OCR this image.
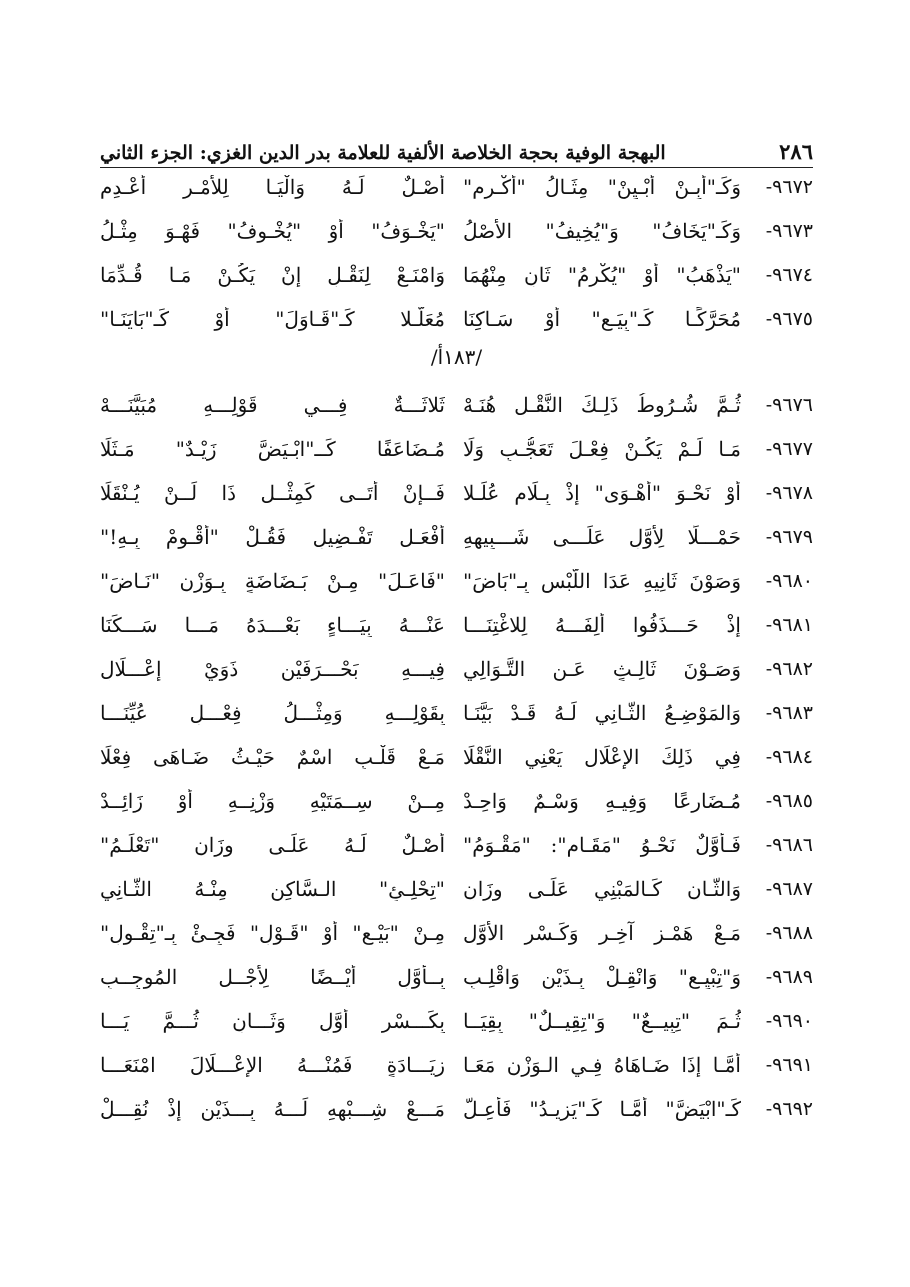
٢٨٦
البهجة الوفية بحجة الخلاصة الألفية للعلامة بدر الدين الغزي: الجزء الثاني
٩٦٧٢-
وَكَـ"أَبِـنْ أَبْـيِنْ" مِثَـالُ "أَكْـرِمِ"
أَصْـلٌ لَـهُ وَالْيَـا لِلأَمْـرِ أَعْـدِمِ
٩٦٧٣-
وَكَـ"يَخَافُ" وَ"يُخِيفُ" الأَصْلُ
"يَخْـوَفُ" أَوْ "يُخْـوِفُ" فَهْـوَ مِثْـلُ
٩٦٧٤-
"يَذْهَبُ" أَوْ "يُكْرِمُ" ثَانٍ مِنْهُمَا
وَامْنَـعْ لِنَقْـلٍ إِنْ يَكُـنْ مَـا قُـدِّمَا
٩٦٧٥-
مُحَرَّكًـا كَـ"بِيَـعٍ" أَوْ سَـاكِنَا
مُعَلًّـلا كَـ"قَـاوَلَ" أَوْ كَـ"بَايَنَـا"
٩٦٧٦-
ثُـمَّ شُـرُوطُ ذَلِـكَ النَّقْـلِ هُنَـهْ
ثَلاثَـــةٌ فِـــي قَوْلِـــهِ مُبَيَّنَـــهْ
٩٦٧٧-
مَـا لَـمْ يَكُـنْ فِعْـلَ تَعَجُّـبٍ وَلَا
مُـضَاعَفًا كَــ"ابْـيَضَّ زَيْـدٌ" مَـثَلَا
٩٦٧٨-
أَوْ نَحْـوَ "أَهْـوَى" إِذْ بِـلَامٍ عُلِّـلا
فَــإِنْ أَتَــى كَمِثْــلِ ذَا لَــنْ يُـنْقَلَا
٩٦٧٩-
حَمْـــلًا لِأَوَّلٍ عَلَـــى شَـــبِيهِهِ
أَفْعَـلِ تَفْـضِيلٍ فَقُـلْ "أَقْـوِمْ بِـهِ!"
٩٦٨٠-
وَصَوْنَ ثَانِيهِ عَدَا اللَّبْسِ بِـ"بَاضَ"
"فَاعَـلَ" مِـنْ بَـضَاضَةٍ بِـوَزْنِ "نَـاضَ"
٩٦٨١-
إِذْ حَـــذَفُوا أَلِفَـــهُ لِلاغْتِنَـــا
عَنْـــهُ بِيَـــاءٍ بَعْـــدَهُ مَـــا سَـــكَنَا
٩٦٨٢-
وَصَـوْنَ ثَالِـثٍ عَـنِ التَّـوَالِي
فِيـــهِ بَحْـــرَفَيْنِ ذَوَيْ إِعْـــلَالِ
٩٦٨٣-
وَالمَوْضِـعُ الثَّـانِي لَـهُ قَـدْ بَيَّنَـا
بِقَوْلِـــهِ وَمِثْـــلُ فِعْـــلٍ عُيِّنَـــا
٩٦٨٤-
فِي ذَلِكَ الإِعْلَالِ يَعْنِي النَّقْلَا
مَـعْ قَلْـبٍ اسْمٌ حَيْـثُ ضَـاهَى فِعْلَا
٩٦٨٥-
مُـضَارِعًا وَفِيـهِ وَسْـمٌ وَاحِـدْ
مِــنْ سِــمَتَيْهِ وَزْنِــهِ أَوْ زَائِــدْ
٩٦٨٦-
فَـأَوَّلٌ نَحْـوُ "مَقَـامٍ": "مَقْـوَمُ"
أَصْـلٌ لَـهُ عَلَـى وِزَانِ "تَعْلَـمُ"
٩٦٨٧-
وَالثَّـانِ كَـالمَبْنِي عَلَـى وِزَانِ
"تِحْلِـئٍ" الـسَّاكِنِ مِنْـهُ الثَّـانِي
٩٦٨٨-
مَـعْ هَمْـزٍ آخِـرٍ وَكَـسْرِ الأَوَّلِ
مِـنْ "بَيْـعٍ" أَوْ "قَـوْلٍ" فَجِـئْ بِـ"تِقْـوِلٍ"
٩٦٨٩-
وَ"تِبْيِـعٍ" وَانْقِـلْ بِـذَيْنِ وَاقْلِـبِ
بِــأَوَّلٍ أَيْــضًا لِأَجْــلِ المُوجِــبِ
٩٦٩٠-
ثُـمَ "تِبِيــعٌ" وَ"تِقِيــلٌ" بِقِيَــا
بِكَـــسْرِ أَوَّلٍ وَثَـــانٍ ثُـــمَّ يَـــا
٩٦٩١-
أَمَّـا إِذَا ضَـاهَاهُ فِـي الـوَزْنِ مَعَـا
زِيَـــادَةٍ فَمُنْـــهُ الإِعْـــلَالَ امْنَعَـــا
٩٦٩٢-
كَـ"ابْيَضَّ" أَمَّـا كَـ"يَزِيـدُ" فَأُعِـلّ
مَـــعْ شِـــبْهِهِ لَـــهُ بِـــذَيْنِ إِذْ نُقِـــلْ
/١٨٣أ/
